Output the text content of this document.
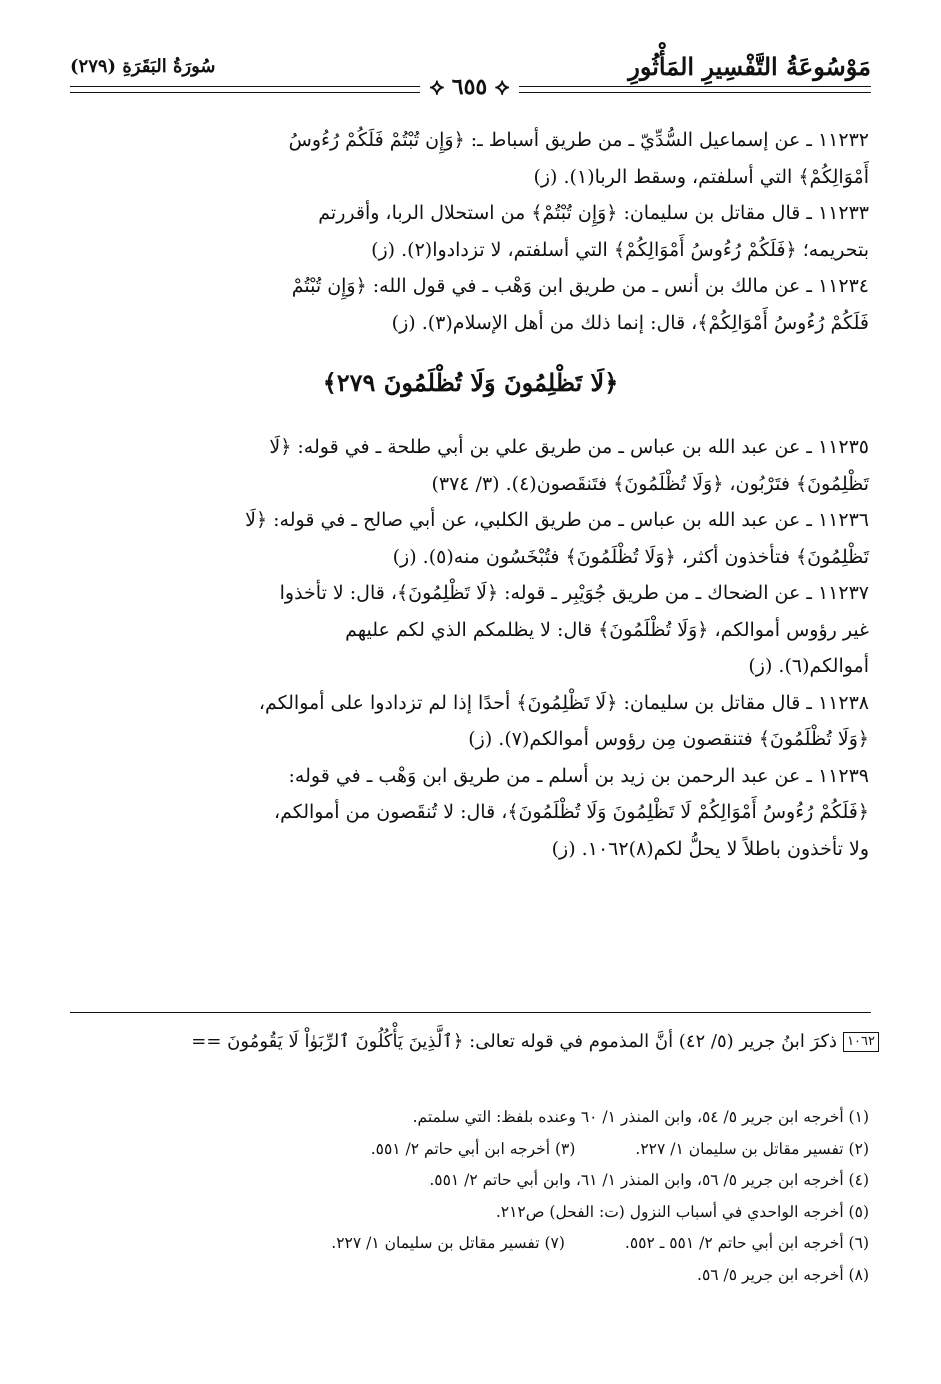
مَوْسُوعَةُ التَّفْسِيرِ المَأْثُورِ
سُورَةُ البَقَرَةِ (٢٧٩)
⟡ ٦٥٥ ⟡

١١٢٣٢ ـ عن إسماعيل السُّدِّيّ ـ من طريق أسباط ـ: ﴿وَإِن تُبْتُمْ فَلَكُمْ رُءُوسُ
أَمْوَالِكُمْ﴾ التي أسلفتم، وسقط الربا(١). (ز)

١١٢٣٣ ـ قال مقاتل بن سليمان: ﴿وَإِن تُبْتُمْ﴾ من استحلال الربا، وأقررتم
بتحريمه؛ ﴿فَلَكُمْ رُءُوسُ أَمْوَالِكُمْ﴾ التي أسلفتم، لا تزدادوا(٢). (ز)

١١٢٣٤ ـ عن مالك بن أنس ـ من طريق ابن وَهْب ـ في قول الله: ﴿وَإِن تُبْتُمْ
فَلَكُمْ رُءُوسُ أَمْوَالِكُمْ﴾، قال: إنما ذلك من أهل الإسلام(٣). (ز)

﴿لَا تَظْلِمُونَ وَلَا تُظْلَمُونَ ٢٧٩﴾

١١٢٣٥ ـ عن عبد الله بن عباس ـ من طريق علي بن أبي طلحة ـ في قوله: ﴿لَا
تَظْلِمُونَ﴾ فتَرْبُون، ﴿وَلَا تُظْلَمُونَ﴾ فتَنقَصون(٤). (٣/ ٣٧٤)

١١٢٣٦ ـ عن عبد الله بن عباس ـ من طريق الكلبي، عن أبي صالح ـ في قوله: ﴿لَا
تَظْلِمُونَ﴾ فتأخذون أكثر، ﴿وَلَا تُظْلَمُونَ﴾ فتُبْخَسُون منه(٥). (ز)

١١٢٣٧ ـ عن الضحاك ـ من طريق جُوَيْبِر ـ قوله: ﴿لَا تَظْلِمُونَ﴾، قال: لا تأخذوا
غير رؤوس أموالكم، ﴿وَلَا تُظْلَمُونَ﴾ قال: لا يظلمكم الذي لكم عليهم
أموالكم(٦). (ز)

١١٢٣٨ ـ قال مقاتل بن سليمان: ﴿لَا تَظْلِمُونَ﴾ أحدًا إذا لم تزدادوا على أموالكم،
﴿وَلَا تُظْلَمُونَ﴾ فتنقصون مِن رؤوس أموالكم(٧). (ز)

١١٢٣٩ ـ عن عبد الرحمن بن زيد بن أسلم ـ من طريق ابن وَهْب ـ في قوله:
﴿فَلَكُمْ رُءُوسُ أَمْوَالِكُمْ لَا تَظْلِمُونَ وَلَا تُظْلَمُونَ﴾، قال: لا تُنقَصون من أموالكم،
ولا تأخذون باطلاً لا يحلُّ لكم(٨)١٠٦٢. (ز)

١٠٦٢ذكرَ ابنُ جرير (٥/ ٤٢) أنَّ المذموم في قوله تعالى: ﴿ٱلَّذِينَ يَأْكُلُونَ ٱلرِّبَوٰاْ لَا يَقُومُونَ ==
(١) أخرجه ابن جرير ٥/ ٥٤، وابن المنذر ١/ ٦٠ وعنده بلفظ: التي سلمتم.
(٢) تفسير مقاتل بن سليمان ١/ ٢٢٧.
(٣) أخرجه ابن أبي حاتم ٢/ ٥٥١.
(٤) أخرجه ابن جرير ٥/ ٥٦، وابن المنذر ١/ ٦١، وابن أبي حاتم ٢/ ٥٥١.
(٥) أخرجه الواحدي في أسباب النزول (ت: الفحل) ص٢١٢.
(٦) أخرجه ابن أبي حاتم ٢/ ٥٥١ ـ ٥٥٢.
(٧) تفسير مقاتل بن سليمان ١/ ٢٢٧.
(٨) أخرجه ابن جرير ٥/ ٥٦.
